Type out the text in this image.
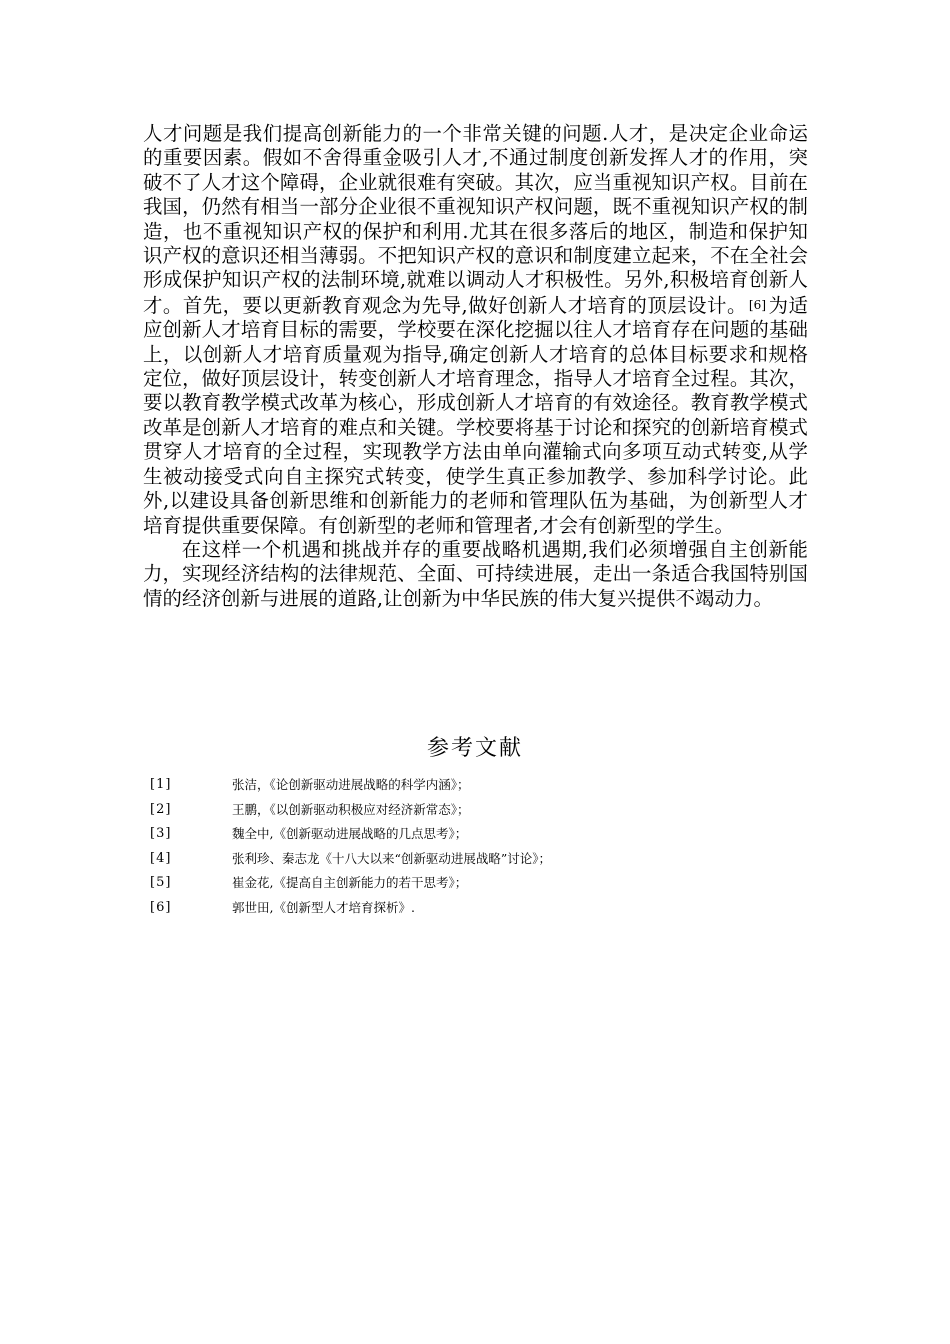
人才问题是我们提高创新能力的一个非常关键的问题.人才，是决定企业命运的重要因素。假如不舍得重金吸引人才,不通过制度创新发挥人才的作用，突破不了人才这个障碍，企业就很难有突破。其次，应当重视知识产权。目前在我国，仍然有相当一部分企业很不重视知识产权问题，既不重视知识产权的制造，也不重视知识产权的保护和利用.尤其在很多落后的地区，制造和保护知识产权的意识还相当薄弱。不把知识产权的意识和制度建立起来，不在全社会形成保护知识产权的法制环境,就难以调动人才积极性。另外,积极培育创新人才。首先，要以更新教育观念为先导,做好创新人才培育的顶层设计。 [6] 为适应创新人才培育目标的需要，学校要在深化挖掘以往人才培育存在问题的基础上，以创新人才培育质量观为指导,确定创新人才培育的总体目标要求和规格定位，做好顶层设计，转变创新人才培育理念，指导人才培育全过程。其次，要以教育教学模式改革为核心，形成创新人才培育的有效途径。教育教学模式改革是创新人才培育的难点和关键。学校要将基于讨论和探究的创新培育模式贯穿人才培育的全过程，实现教学方法由单向灌输式向多项互动式转变,从学生被动接受式向自主探究式转变，使学生真正参加教学、参加科学讨论。此外,以建设具备创新思维和创新能力的老师和管理队伍为基础，为创新型人才培育提供重要保障。有创新型的老师和管理者,才会有创新型的学生。

在这样一个机遇和挑战并存的重要战略机遇期,我们必须增强自主创新能力，实现经济结构的法律规范、全面、可持续进展，走出一条适合我国特别国情的经济创新与进展的道路,让创新为中华民族的伟大复兴提供不竭动力。

参考文献
[1]	张洁，《论创新驱动进展战略的科学内涵》；
[2]	王鹏，《以创新驱动积极应对经济新常态》；
[3]	魏全中,《创新驱动进展战略的几点思考》；
[4]	张利珍、秦志龙《十八大以来“创新驱动进展战略”讨论》；
[5]	崔金花,《提高自主创新能力的若干思考》；
[6]	郭世田,《创新型人才培育探析》.
